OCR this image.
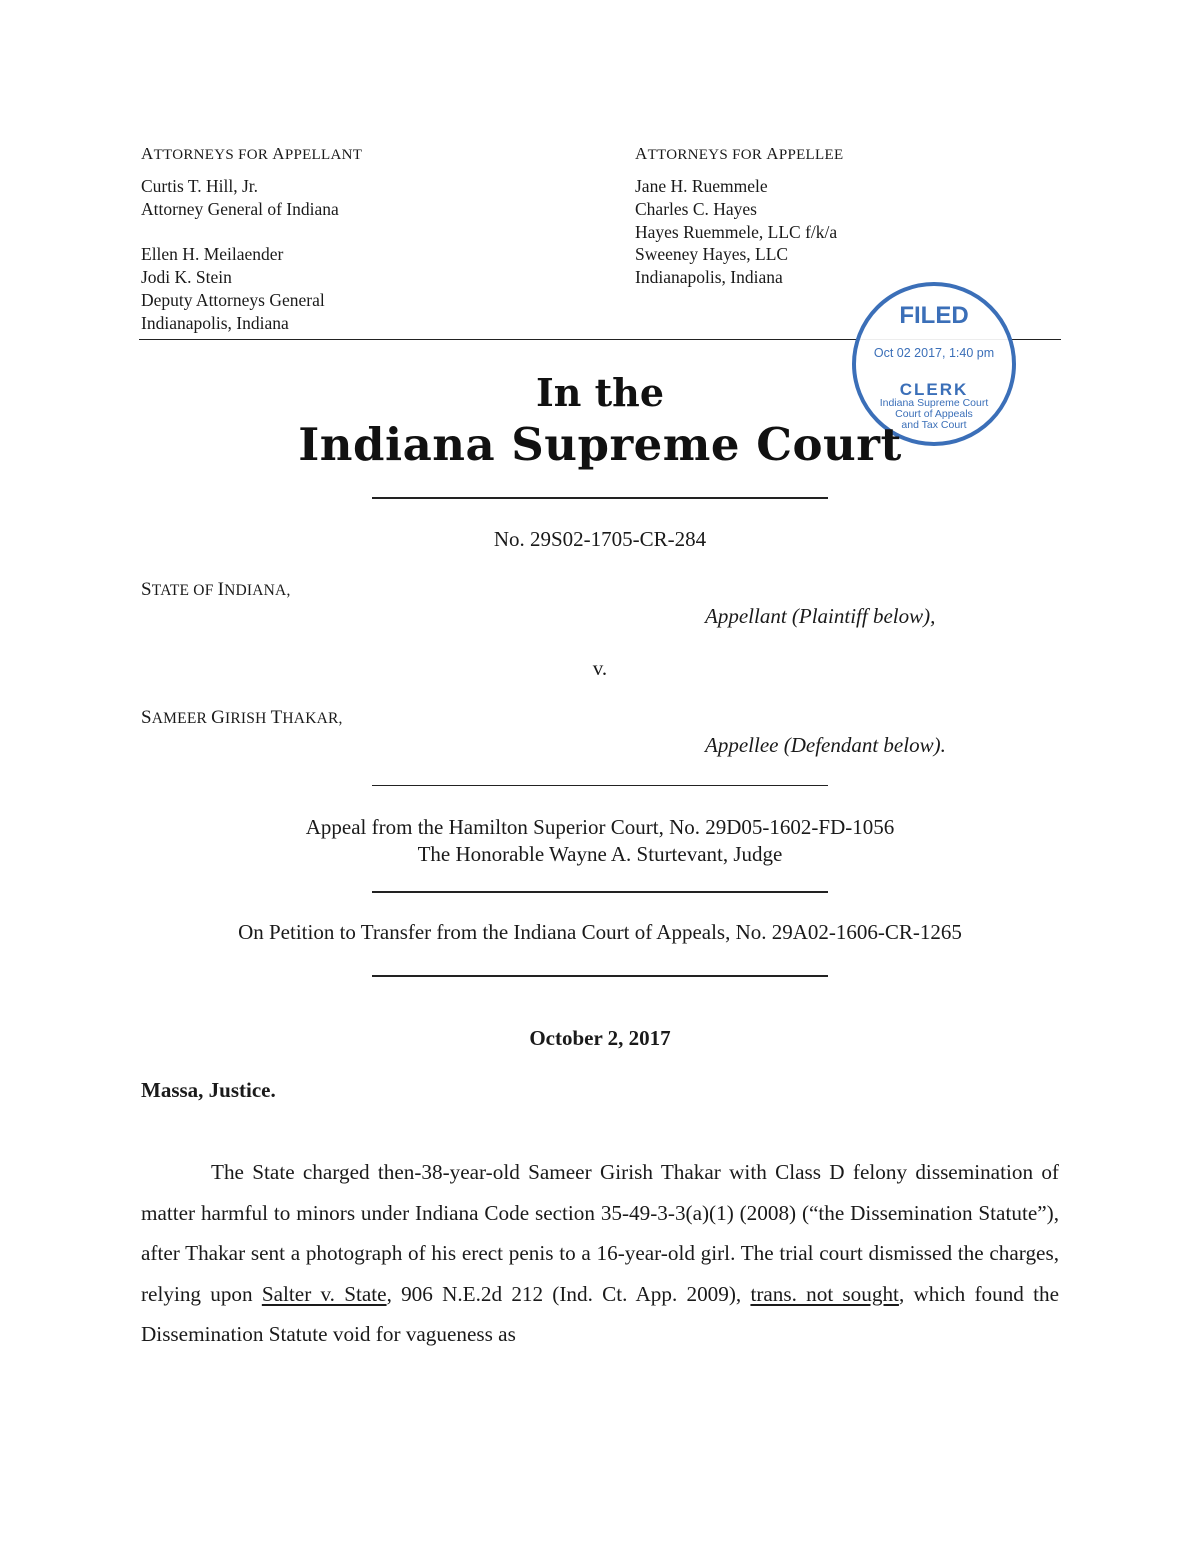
ATTORNEYS FOR APPELLANT
Curtis T. Hill, Jr.
Attorney General of Indiana
Ellen H. Meilaender
Jodi K. Stein
Deputy Attorneys General
Indianapolis, Indiana
ATTORNEYS FOR APPELLEE
Jane H. Ruemmele
Charles C. Hayes
Hayes Ruemmele, LLC f/k/a
Sweeney Hayes, LLC
Indianapolis, Indiana
FILED
Oct 02 2017, 1:40 pm
CLERK
Indiana Supreme Court
Court of Appeals
and Tax Court
In the
Indiana Supreme Court
No. 29S02-1705-CR-284
STATE OF INDIANA,
Appellant (Plaintiff below),
v.
SAMEER GIRISH THAKAR,
Appellee (Defendant below).
Appeal from the Hamilton Superior Court, No. 29D05-1602-FD-1056
The Honorable Wayne A. Sturtevant, Judge
On Petition to Transfer from the Indiana Court of Appeals, No. 29A02-1606-CR-1265
October 2, 2017
Massa, Justice.

The State charged then-38-year-old Sameer Girish Thakar with Class D felony dissemination of matter harmful to minors under Indiana Code section 35-49-3-3(a)(1) (2008) (“the Dissemination Statute”), after Thakar sent a photograph of his erect penis to a 16-year-old girl. The trial court dismissed the charges, relying upon Salter v. State, 906 N.E.2d 212 (Ind. Ct. App. 2009), trans. not sought, which found the Dissemination Statute void for vagueness as
